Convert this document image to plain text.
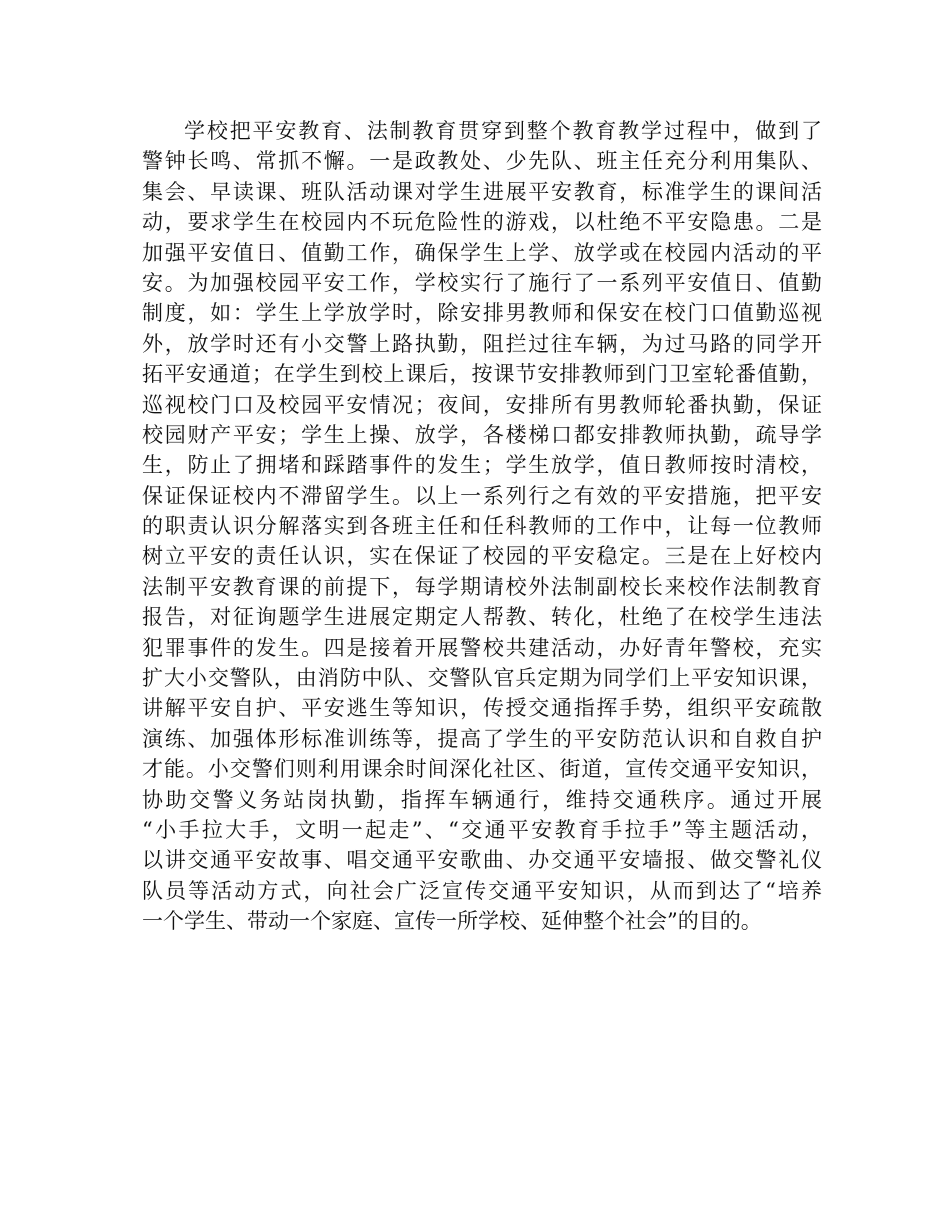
学校把平安教育、法制教育贯穿到整个教育教学过程中，做到了
警钟长鸣、常抓不懈。一是政教处、少先队、班主任充分利用集队、
集会、早读课、班队活动课对学生进展平安教育，标准学生的课间活
动，要求学生在校园内不玩危险性的游戏，以杜绝不平安隐患。二是
加强平安值日、值勤工作，确保学生上学、放学或在校园内活动的平
安。为加强校园平安工作，学校实行了施行了一系列平安值日、值勤
制度，如：学生上学放学时，除安排男教师和保安在校门口值勤巡视
外，放学时还有小交警上路执勤，阻拦过往车辆，为过马路的同学开
拓平安通道；在学生到校上课后，按课节安排教师到门卫室轮番值勤，
巡视校门口及校园平安情况；夜间，安排所有男教师轮番执勤，保证
校园财产平安；学生上操、放学，各楼梯口都安排教师执勤，疏导学
生，防止了拥堵和踩踏事件的发生；学生放学，值日教师按时清校，
保证保证校内不滞留学生。以上一系列行之有效的平安措施，把平安
的职责认识分解落实到各班主任和任科教师的工作中，让每一位教师
树立平安的责任认识，实在保证了校园的平安稳定。三是在上好校内
法制平安教育课的前提下，每学期请校外法制副校长来校作法制教育
报告，对征询题学生进展定期定人帮教、转化，杜绝了在校学生违法
犯罪事件的发生。四是接着开展警校共建活动，办好青年警校，充实
扩大小交警队，由消防中队、交警队官兵定期为同学们上平安知识课，
讲解平安自护、平安逃生等知识，传授交通指挥手势，组织平安疏散
演练、加强体形标准训练等，提高了学生的平安防范认识和自救自护
才能。小交警们则利用课余时间深化社区、街道，宣传交通平安知识，
协助交警义务站岗执勤，指挥车辆通行，维持交通秩序。通过开展
“小手拉大手，文明一起走”、“交通平安教育手拉手”等主题活动，
以讲交通平安故事、唱交通平安歌曲、办交通平安墙报、做交警礼仪
队员等活动方式，向社会广泛宣传交通平安知识，从而到达了“培养
一个学生、带动一个家庭、宣传一所学校、延伸整个社会”的目的。
